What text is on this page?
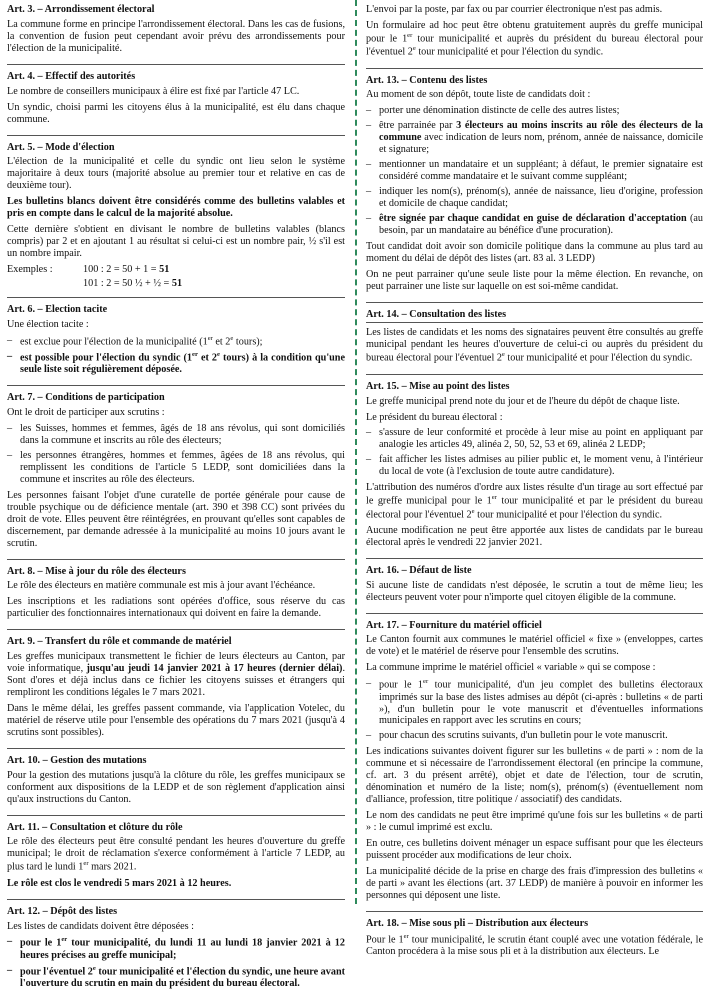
Art. 3. – Arrondissement électoral

La commune forme en principe l'arrondissement électoral. Dans les cas de fusions, la convention de fusion peut cependant avoir prévu des arrondissements pour l'élection de la municipalité.

Art. 4. – Effectif des autorités

Le nombre de conseillers municipaux à élire est fixé par l'article 47 LC.

Un syndic, choisi parmi les citoyens élus à la municipalité, est élu dans chaque commune.

Art. 5. – Mode d'élection

L'élection de la municipalité et celle du syndic ont lieu selon le système majoritaire à deux tours (majorité absolue au premier tour et relative en cas de deuxième tour).

Les bulletins blancs doivent être considérés comme des bulletins valables et pris en compte dans le calcul de la majorité absolue.

Cette dernière s'obtient en divisant le nombre de bulletins valables (blancs compris) par 2 et en ajoutant 1 au résultat si celui-ci est un nombre pair, ½ s'il est un nombre impair.

Exemples :	100 : 2 = 50 + 1 = 51
101 : 2 = 50 ½ + ½ = 51
Art. 6. – Election tacite

Une élection tacite :

– est exclue pour l'élection de la municipalité (1er et 2e tours);
– est possible pour l'élection du syndic (1er et 2e tours) à la condition qu'une seule liste soit régulièrement déposée.
Art. 7. – Conditions de participation

Ont le droit de participer aux scrutins :

– les Suisses, hommes et femmes, âgés de 18 ans révolus, qui sont domiciliés dans la commune et inscrits au rôle des électeurs;
– les personnes étrangères, hommes et femmes, âgées de 18 ans révolus, qui remplissent les conditions de l'article 5 LEDP, sont domiciliées dans la commune et inscrites au rôle des électeurs.

Les personnes faisant l'objet d'une curatelle de portée générale pour cause de trouble psychique ou de déficience mentale (art. 390 et 398 CC) sont privées du droit de vote. Elles peuvent être réintégrées, en prouvant qu'elles sont capables de discernement, par demande adressée à la municipalité au moins 10 jours avant le scrutin.

Art. 8. – Mise à jour du rôle des électeurs

Le rôle des électeurs en matière communale est mis à jour avant l'échéance.

Les inscriptions et les radiations sont opérées d'office, sous réserve du cas particulier des fonctionnaires internationaux qui doivent en faire la demande.

Art. 9. – Transfert du rôle et commande de matériel

Les greffes municipaux transmettent le fichier de leurs électeurs au Canton, par voie informatique, jusqu'au jeudi 14 janvier 2021 à 17 heures (dernier délai). Sont d'ores et déjà inclus dans ce fichier les citoyens suisses et étrangers qui rempliront les conditions légales le 7 mars 2021.

Dans le même délai, les greffes passent commande, via l'application Votelec, du matériel de réserve utile pour l'ensemble des opérations du 7 mars 2021 (jusqu'à 4 scrutins sont possibles).

Art. 10. – Gestion des mutations

Pour la gestion des mutations jusqu'à la clôture du rôle, les greffes municipaux se conforment aux dispositions de la LEDP et de son règlement d'application ainsi qu'aux instructions du Canton.

Art. 11. – Consultation et clôture du rôle

Le rôle des électeurs peut être consulté pendant les heures d'ouverture du greffe municipal; le droit de réclamation s'exerce conformément à l'article 7 LEDP, au plus tard le lundi 1er mars 2021.

Le rôle est clos le vendredi 5 mars 2021 à 12 heures.

Art. 12. – Dépôt des listes

Les listes de candidats doivent être déposées :

– pour le 1er tour municipalité, du lundi 11 au lundi 18 janvier 2021 à 12 heures précises au greffe municipal;
– pour l'éventuel 2e tour municipalité et l'élection du syndic, une heure avant l'ouverture du scrutin en main du président du bureau électoral.

L'envoi par la poste, par fax ou par courrier électronique n'est pas admis.

Un formulaire ad hoc peut être obtenu gratuitement auprès du greffe municipal pour le 1er tour municipalité et auprès du président du bureau électoral pour l'éventuel 2e tour municipalité et pour l'élection du syndic.

Art. 13. – Contenu des listes

Au moment de son dépôt, toute liste de candidats doit :

– porter une dénomination distincte de celle des autres listes;
– être parrainée par 3 électeurs au moins inscrits au rôle des électeurs de la commune avec indication de leurs nom, prénom, année de naissance, domicile et signature;
– mentionner un mandataire et un suppléant; à défaut, le premier signataire est considéré comme mandataire et le suivant comme suppléant;
– indiquer les nom(s), prénom(s), année de naissance, lieu d'origine, profession et domicile de chaque candidat;
– être signée par chaque candidat en guise de déclaration d'acceptation (au besoin, par un mandataire au bénéfice d'une procuration).

Tout candidat doit avoir son domicile politique dans la commune au plus tard au moment du délai de dépôt des listes (art. 83 al. 3 LEDP)

On ne peut parrainer qu'une seule liste pour la même élection. En revanche, on peut parrainer une liste sur laquelle on est soi-même candidat.

Art. 14. – Consultation des listes

Les listes de candidats et les noms des signataires peuvent être consultés au greffe municipal pendant les heures d'ouverture de celui-ci ou auprès du président du bureau électoral pour l'éventuel 2e tour municipalité et pour l'élection du syndic.

Art. 15. – Mise au point des listes

Le greffe municipal prend note du jour et de l'heure du dépôt de chaque liste.

Le président du bureau électoral :

– s'assure de leur conformité et procède à leur mise au point en appliquant par analogie les articles 49, alinéa 2, 50, 52, 53 et 69, alinéa 2 LEDP;
– fait afficher les listes admises au pilier public et, le moment venu, à l'intérieur du local de vote (à l'exclusion de toute autre candidature).

L'attribution des numéros d'ordre aux listes résulte d'un tirage au sort effectué par le greffe municipal pour le 1er tour municipalité et par le président du bureau électoral pour l'éventuel 2e tour municipalité et pour l'élection du syndic.

Aucune modification ne peut être apportée aux listes de candidats par le bureau électoral après le vendredi 22 janvier 2021.

Art. 16. – Défaut de liste

Si aucune liste de candidats n'est déposée, le scrutin a tout de même lieu; les électeurs peuvent voter pour n'importe quel citoyen éligible de la commune.

Art. 17. – Fourniture du matériel officiel

Le Canton fournit aux communes le matériel officiel « fixe » (enveloppes, cartes de vote) et le matériel de réserve pour l'ensemble des scrutins.

La commune imprime le matériel officiel « variable » qui se compose :

– pour le 1er tour municipalité, d'un jeu complet des bulletins électoraux imprimés sur la base des listes admises au dépôt (ci-après : bulletins « de parti »), d'un bulletin pour le vote manuscrit et d'éventuelles informations municipales en rapport avec les scrutins en cours;
– pour chacun des scrutins suivants, d'un bulletin pour le vote manuscrit.

Les indications suivantes doivent figurer sur les bulletins « de parti » : nom de la commune et si nécessaire de l'arrondissement électoral (en principe la commune, cf. art. 3 du présent arrêté), objet et date de l'élection, tour de scrutin, dénomination et numéro de la liste; nom(s), prénom(s) (éventuellement nom d'alliance, profession, titre politique / associatif) des candidats.

Le nom des candidats ne peut être imprimé qu'une fois sur les bulletins « de parti » : le cumul imprimé est exclu.

En outre, ces bulletins doivent ménager un espace suffisant pour que les électeurs puissent procéder aux modifications de leur choix.

La municipalité décide de la prise en charge des frais d'impression des bulletins « de parti » avant les élections (art. 37 LEDP) de manière à pouvoir en informer les personnes qui déposent une liste.

Art. 18. – Mise sous pli – Distribution aux électeurs

Pour le 1er tour municipalité, le scrutin étant couplé avec une votation fédérale, le Canton procédera à la mise sous pli et à la distribution aux électeurs. Le
